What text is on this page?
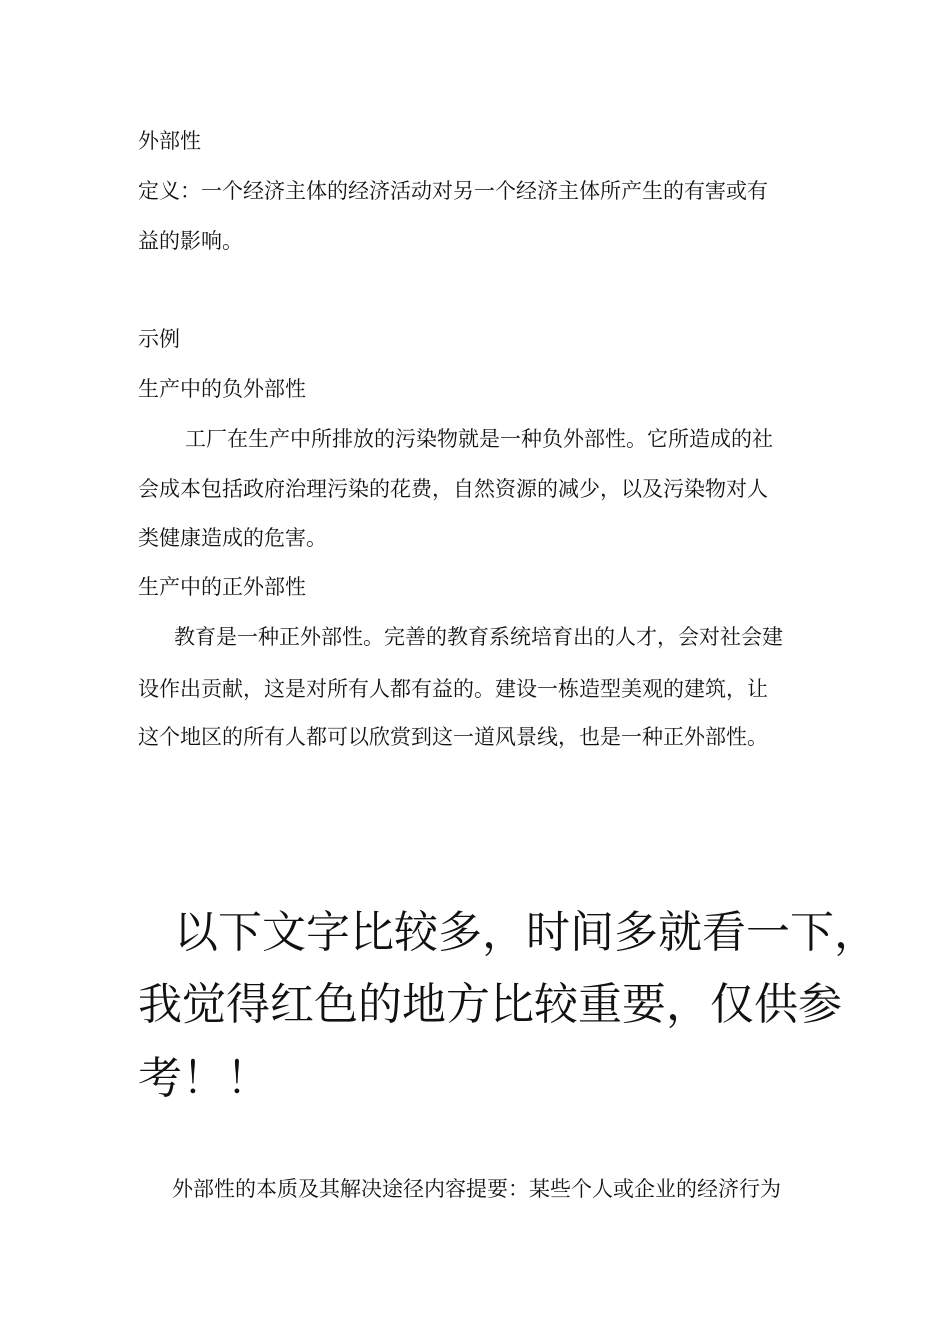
外部性
定义：一个经济主体的经济活动对另一个经济主体所产生的有害或有
益的影响。
示例
生产中的负外部性
　工厂在生产中所排放的污染物就是一种负外部性。它所造成的社
会成本包括政府治理污染的花费，自然资源的减少，以及污染物对人
类健康造成的危害。
生产中的正外部性
教育是一种正外部性。完善的教育系统培育出的人才，会对社会建
设作出贡献，这是对所有人都有益的。建设一栋造型美观的建筑，让
这个地区的所有人都可以欣赏到这一道风景线，也是一种正外部性。
以下文字比较多，时间多就看一下，
我觉得红色的地方比较重要，仅供参
考！！
外部性的本质及其解决途径内容提要：某些个人或企业的经济行为
